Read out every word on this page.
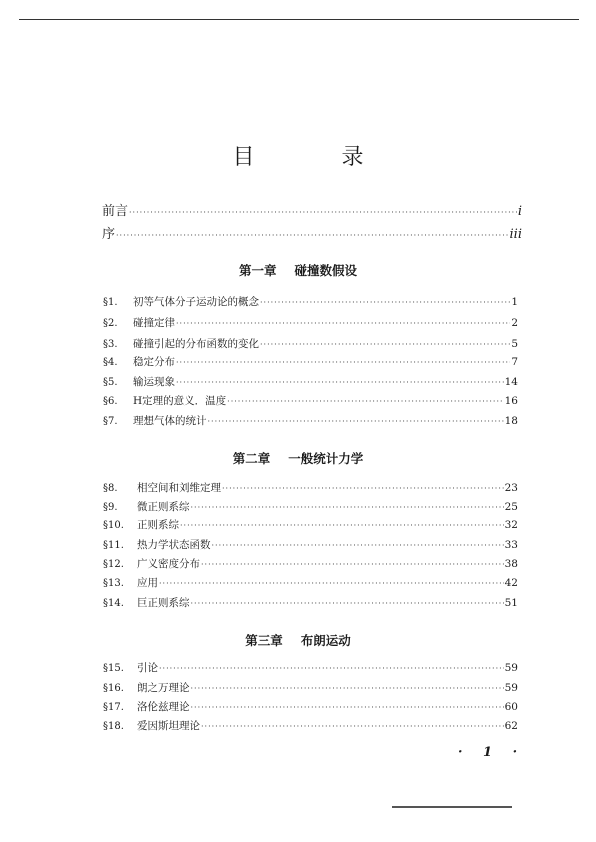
目 录
前言 ·····	i
序 ·····	iii
第一章 碰撞数假设
§1.	初等气体分子运动论的概念 ·····	1
§2.	碰撞定律 ·····	2
§3.	碰撞引起的分布函数的变化 ·····	5
§4.	稳定分布 ·····	7
§5.	输运现象 ·····	14
§6.	H定理的意义．温度 ·····	16
§7.	理想气体的统计 ·····	18
第二章 一般统计力学
§8.	相空间和刘维定理 ·····	23
§9.	微正则系综 ·····	25
§10.	正则系综 ·····	32
§11.	热力学状态函数 ·····	33
§12.	广义密度分布 ·····	38
§13.	应用 ·····	42
§14.	巨正则系综 ·····	51
第三章 布朗运动
§15.	引论 ·····	59
§16.	朗之万理论 ·····	59
§17.	洛伦兹理论 ·····	60
§18.	爱因斯坦理论 ·····	62
· 1 ·
